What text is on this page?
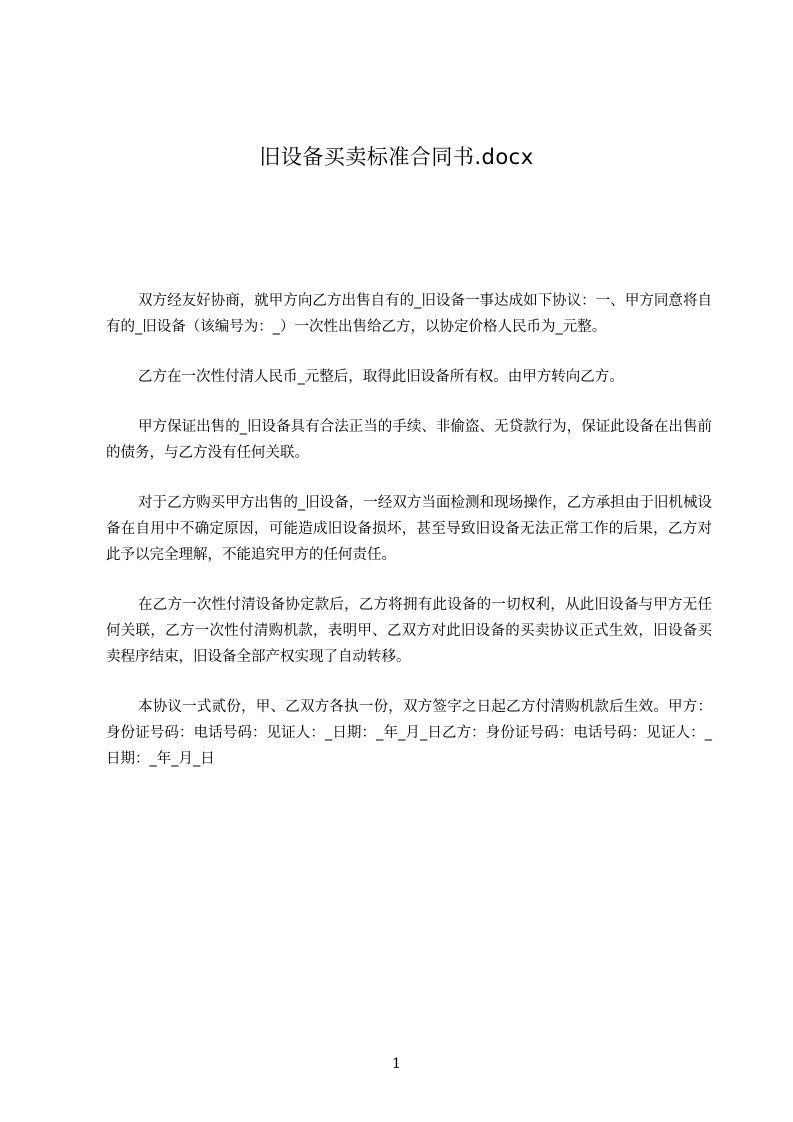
旧设备买卖标准合同书.docx

双方经友好协商，就甲方向乙方出售自有的_旧设备一事达成如下协议：一、甲方同意将自有的_旧设备（该编号为：_）一次性出售给乙方，以协定价格人民币为_元整。

乙方在一次性付清人民币_元整后，取得此旧设备所有权。由甲方转向乙方。

甲方保证出售的_旧设备具有合法正当的手续、非偷盗、无贷款行为，保证此设备在出售前的债务，与乙方没有任何关联。

对于乙方购买甲方出售的_旧设备，一经双方当面检测和现场操作，乙方承担由于旧机械设备在自用中不确定原因，可能造成旧设备损坏，甚至导致旧设备无法正常工作的后果，乙方对此予以完全理解，不能追究甲方的任何责任。

在乙方一次性付清设备协定款后，乙方将拥有此设备的一切权利，从此旧设备与甲方无任何关联，乙方一次性付清购机款，表明甲、乙双方对此旧设备的买卖协议正式生效，旧设备买卖程序结束，旧设备全部产权实现了自动转移。

本协议一式贰份，甲、乙双方各执一份，双方签字之日起乙方付清购机款后生效。甲方：身份证号码：电话号码：见证人：_日期：_年_月_日乙方：身份证号码：电话号码：见证人：_日期：_年_月_日

1
